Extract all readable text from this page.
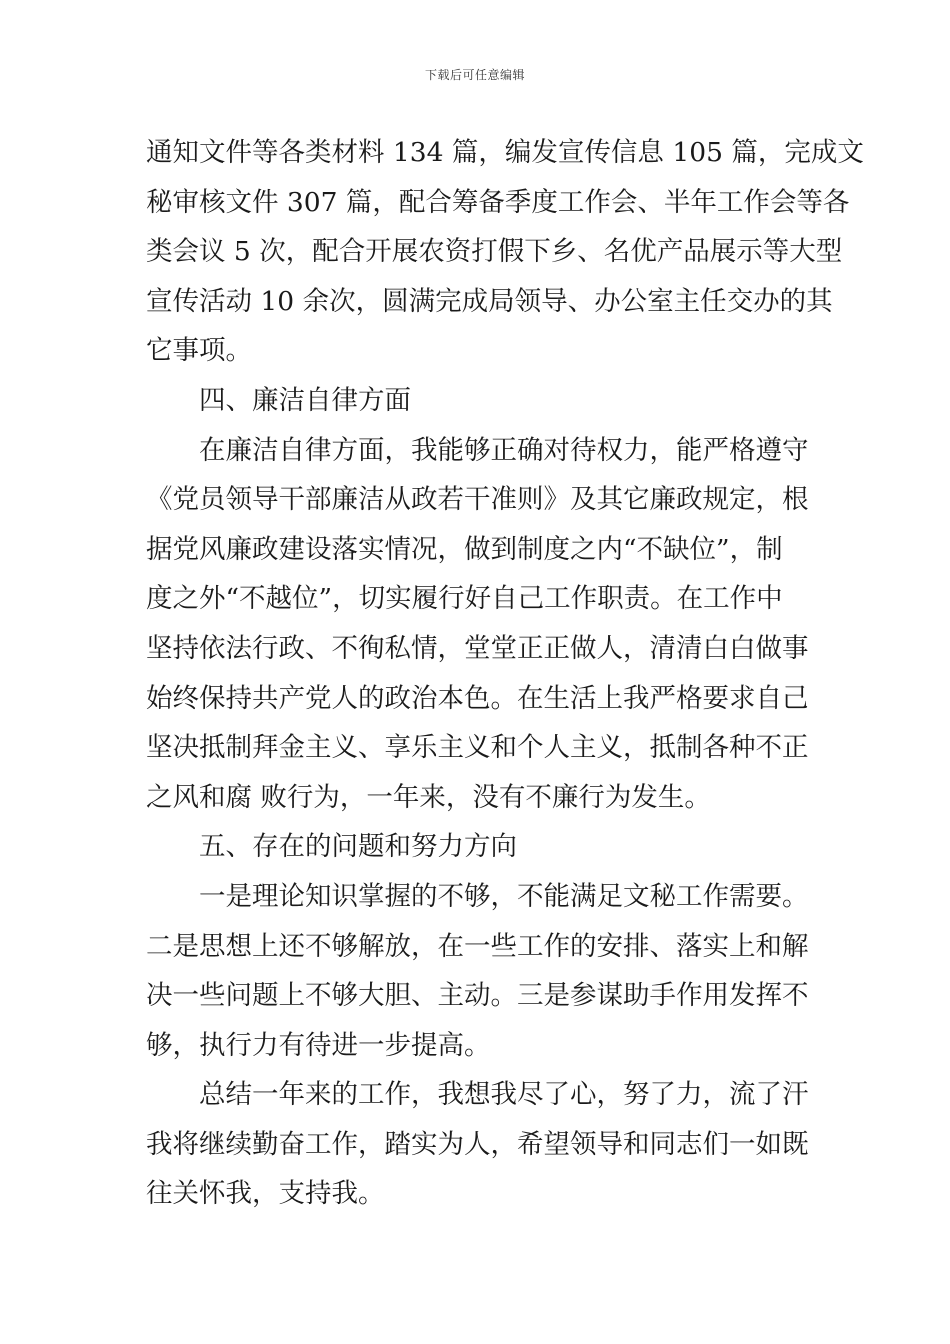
下载后可任意编辑
通知文件等各类材料 134 篇，编发宣传信息 105 篇，完成文
秘审核文件 307 篇，配合筹备季度工作会、半年工作会等各
类会议 5 次，配合开展农资打假下乡、名优产品展示等大型
宣传活动 10 余次，圆满完成局领导、办公室主任交办的其
它事项。
四、廉洁自律方面
在廉洁自律方面，我能够正确对待权力，能严格遵守
《党员领导干部廉洁从政若干准则》及其它廉政规定，根
据党风廉政建设落实情况，做到制度之内“不缺位”，制
度之外“不越位”，切实履行好自己工作职责。在工作中
坚持依法行政、不徇私情，堂堂正正做人，清清白白做事
始终保持共产党人的政治本色。在生活上我严格要求自己
坚决抵制拜金主义、享乐主义和个人主义，抵制各种不正
之风和腐 败行为，一年来，没有不廉行为发生。
五、存在的问题和努力方向
一是理论知识掌握的不够，不能满足文秘工作需要。
二是思想上还不够解放，在一些工作的安排、落实上和解
决一些问题上不够大胆、主动。三是参谋助手作用发挥不
够，执行力有待进一步提高。
总结一年来的工作，我想我尽了心，努了力，流了汗
我将继续勤奋工作，踏实为人，希望领导和同志们一如既
往关怀我，支持我。
